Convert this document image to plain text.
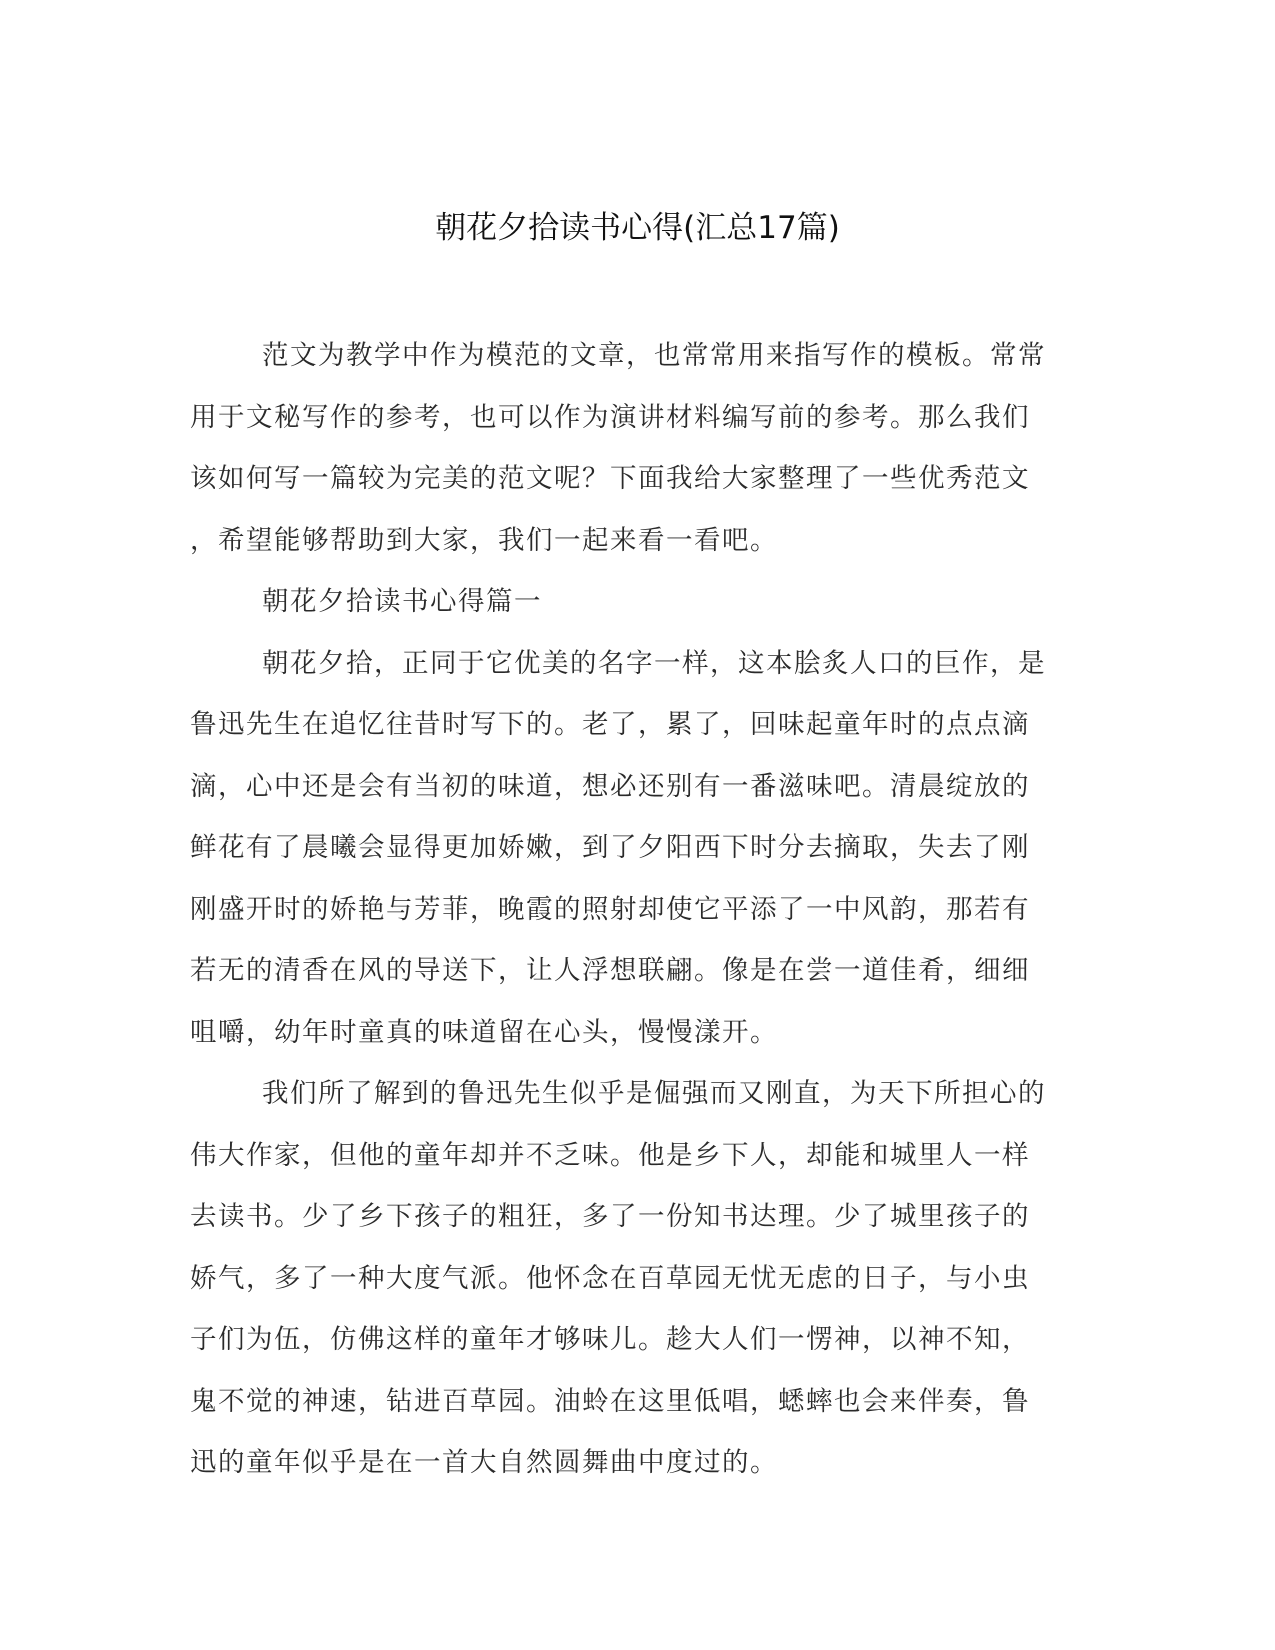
朝花夕拾读书心得(汇总17篇)
范文为教学中作为模范的文章，也常常用来指写作的模板。常常
用于文秘写作的参考，也可以作为演讲材料编写前的参考。那么我们
该如何写一篇较为完美的范文呢？下面我给大家整理了一些优秀范文
，希望能够帮助到大家，我们一起来看一看吧。
朝花夕拾读书心得篇一
朝花夕拾，正同于它优美的名字一样，这本脍炙人口的巨作，是
鲁迅先生在追忆往昔时写下的。老了，累了，回味起童年时的点点滴
滴，心中还是会有当初的味道，想必还别有一番滋味吧。清晨绽放的
鲜花有了晨曦会显得更加娇嫩，到了夕阳西下时分去摘取，失去了刚
刚盛开时的娇艳与芳菲，晚霞的照射却使它平添了一中风韵，那若有
若无的清香在风的导送下，让人浮想联翩。像是在尝一道佳肴，细细
咀嚼，幼年时童真的味道留在心头，慢慢漾开。
我们所了解到的鲁迅先生似乎是倔强而又刚直，为天下所担心的
伟大作家，但他的童年却并不乏味。他是乡下人，却能和城里人一样
去读书。少了乡下孩子的粗狂，多了一份知书达理。少了城里孩子的
娇气，多了一种大度气派。他怀念在百草园无忧无虑的日子，与小虫
子们为伍，仿佛这样的童年才够味儿。趁大人们一愣神，以神不知，
鬼不觉的神速，钻进百草园。油蛉在这里低唱，蟋蟀也会来伴奏，鲁
迅的童年似乎是在一首大自然圆舞曲中度过的。
